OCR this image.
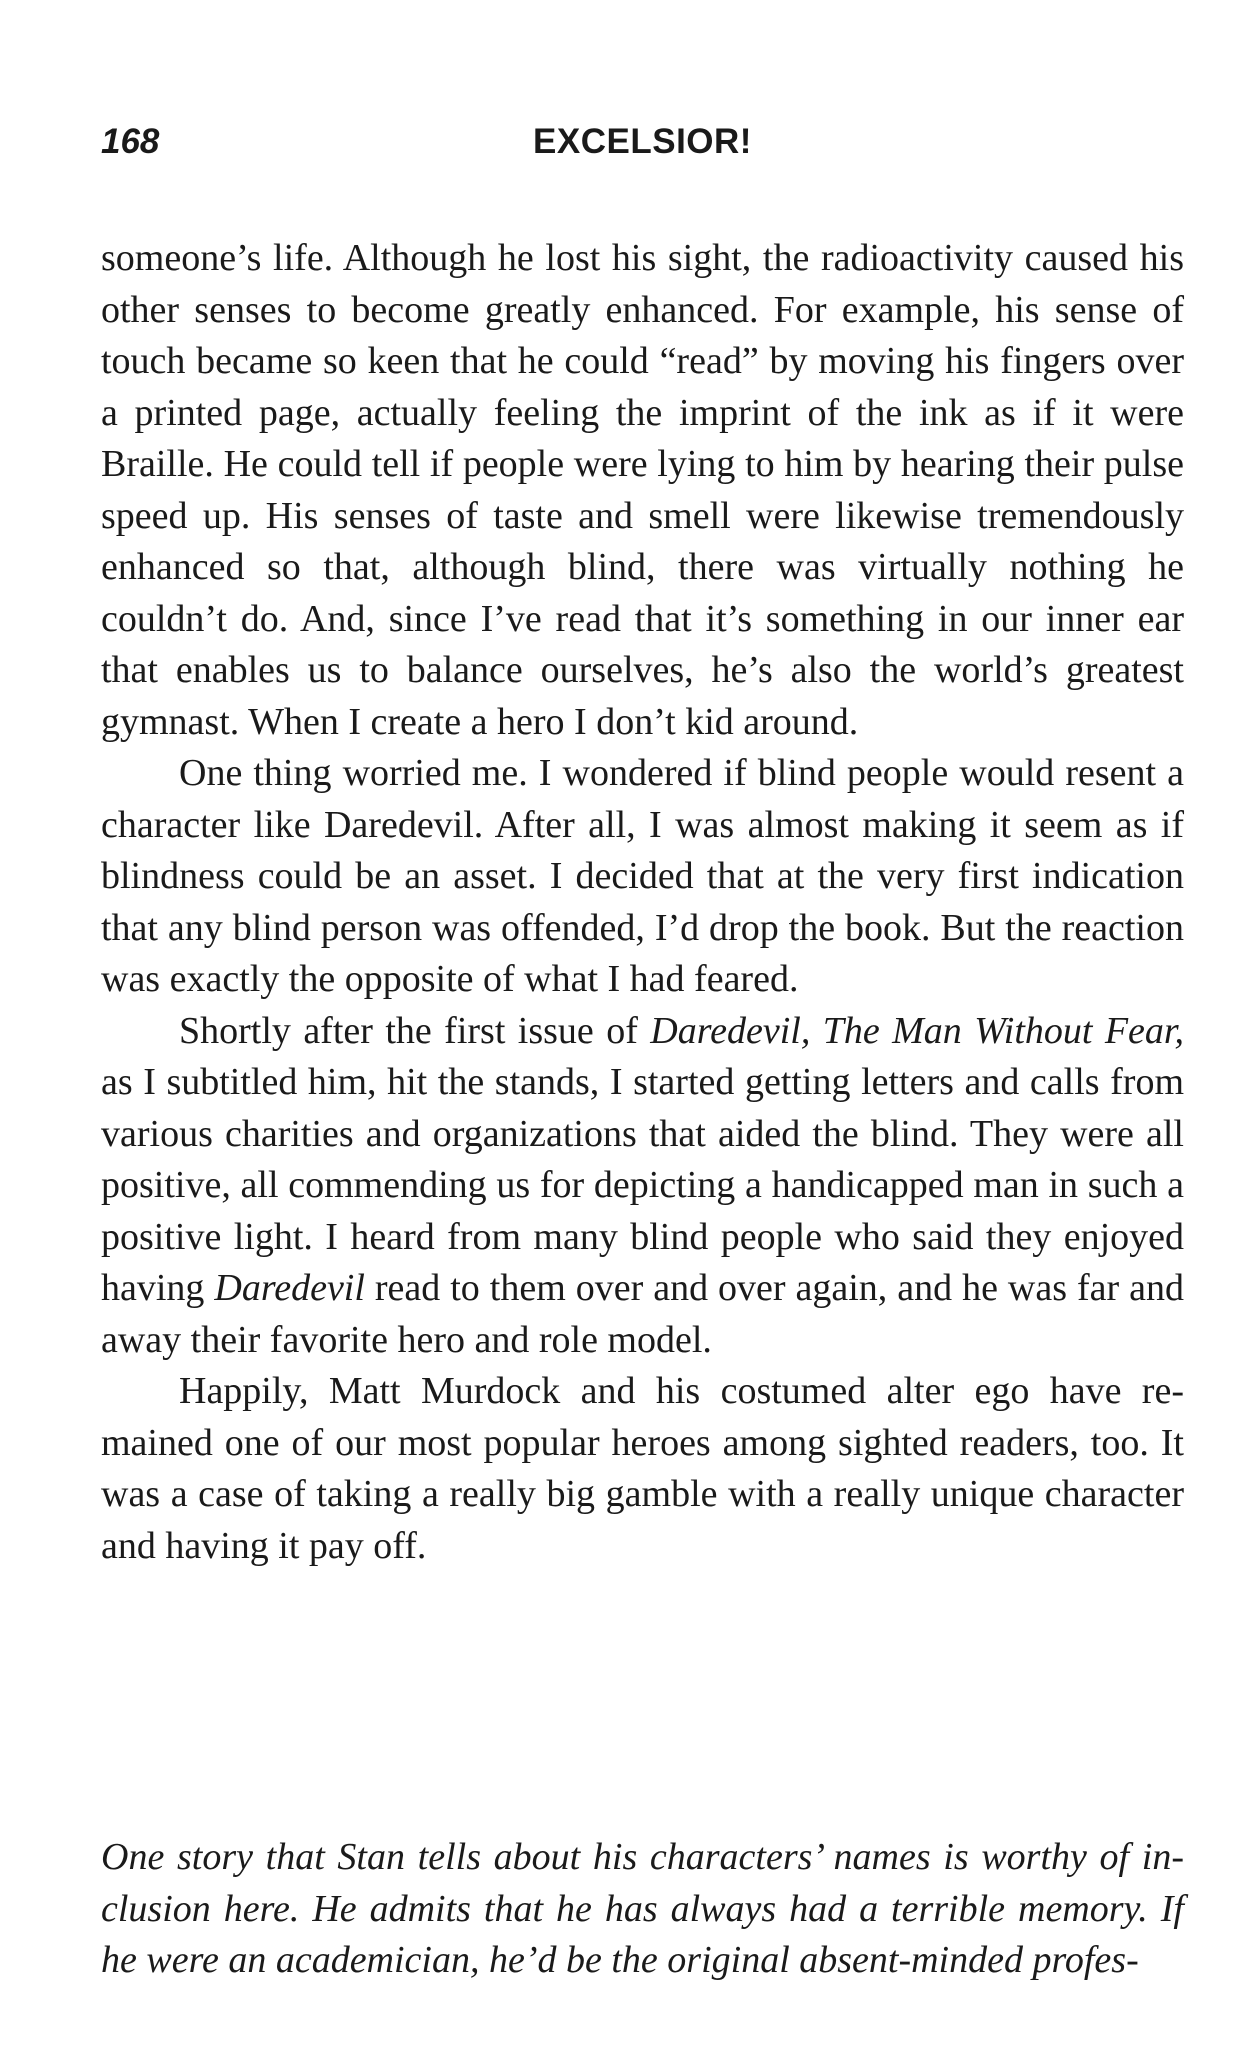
168	EXCELSIOR!

someone’s life. Although he lost his sight, the radioactivity caused his other senses to become greatly enhanced. For example, his sense of touch became so keen that he could “read” by moving his fingers over a printed page, actually feeling the imprint of the ink as if it were Braille. He could tell if people were lying to him by hearing their pulse speed up. His senses of taste and smell were likewise tremendously enhanced so that, although blind, there was virtually nothing he couldn’t do. And, since I’ve read that it’s something in our inner ear that enables us to balance ourselves, he’s also the world’s greatest gymnast. When I create a hero I don’t kid around.

One thing worried me. I wondered if blind people would resent a character like Daredevil. After all, I was almost making it seem as if blindness could be an asset. I decided that at the very first indication that any blind person was offended, I’d drop the book. But the reaction was exactly the opposite of what I had feared.

Shortly after the first issue of Daredevil, The Man Without Fear, as I subtitled him, hit the stands, I started getting letters and calls from various charities and organizations that aided the blind. They were all positive, all commending us for depicting a handicapped man in such a positive light. I heard from many blind people who said they enjoyed having Daredevil read to them over and over again, and he was far and away their favorite hero and role model.

Happily, Matt Murdock and his costumed alter ego have remained one of our most popular heroes among sighted readers, too. It was a case of taking a really big gamble with a really unique character and having it pay off.

One story that Stan tells about his characters’ names is worthy of inclusion here. He admits that he has always had a terrible memory. If he were an academician, he’d be the original absent-minded profes-
